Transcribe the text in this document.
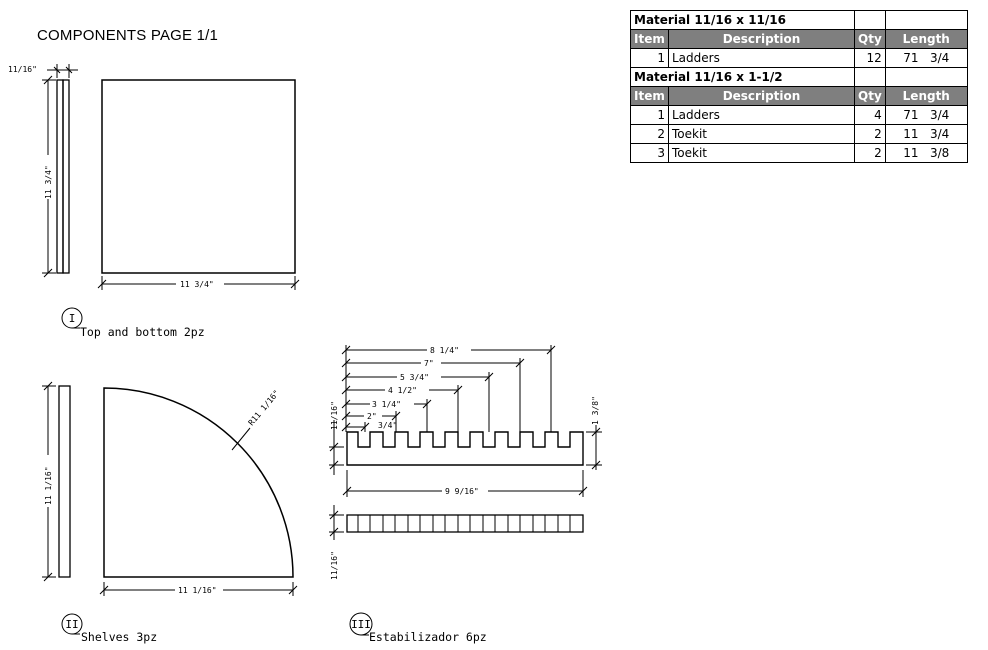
COMPONENTS PAGE 1/1
Material 11/16 x 11/16			
Item	Description	Qty	Length
1	Ladders	12	71   3/4
Material 11/16 x 1-1/2			
Item	Description	Qty	Length
1	Ladders	4	71   3/4
2	Toekit	2	11   3/4
3	Toekit	2	11   3/8
11/16"
11 3/4"
11 3/4"
I
Top and bottom 2pz
11 1/16"
R11 1/16"
11 1/16"
II
Shelves 3pz
8 1/4"
7"
5 3/4"
4 1/2"
3 1/4"
2"
3/4"
11/16"	1 3/8"
9 9/16"
11/16"
III
Estabilizador 6pz
